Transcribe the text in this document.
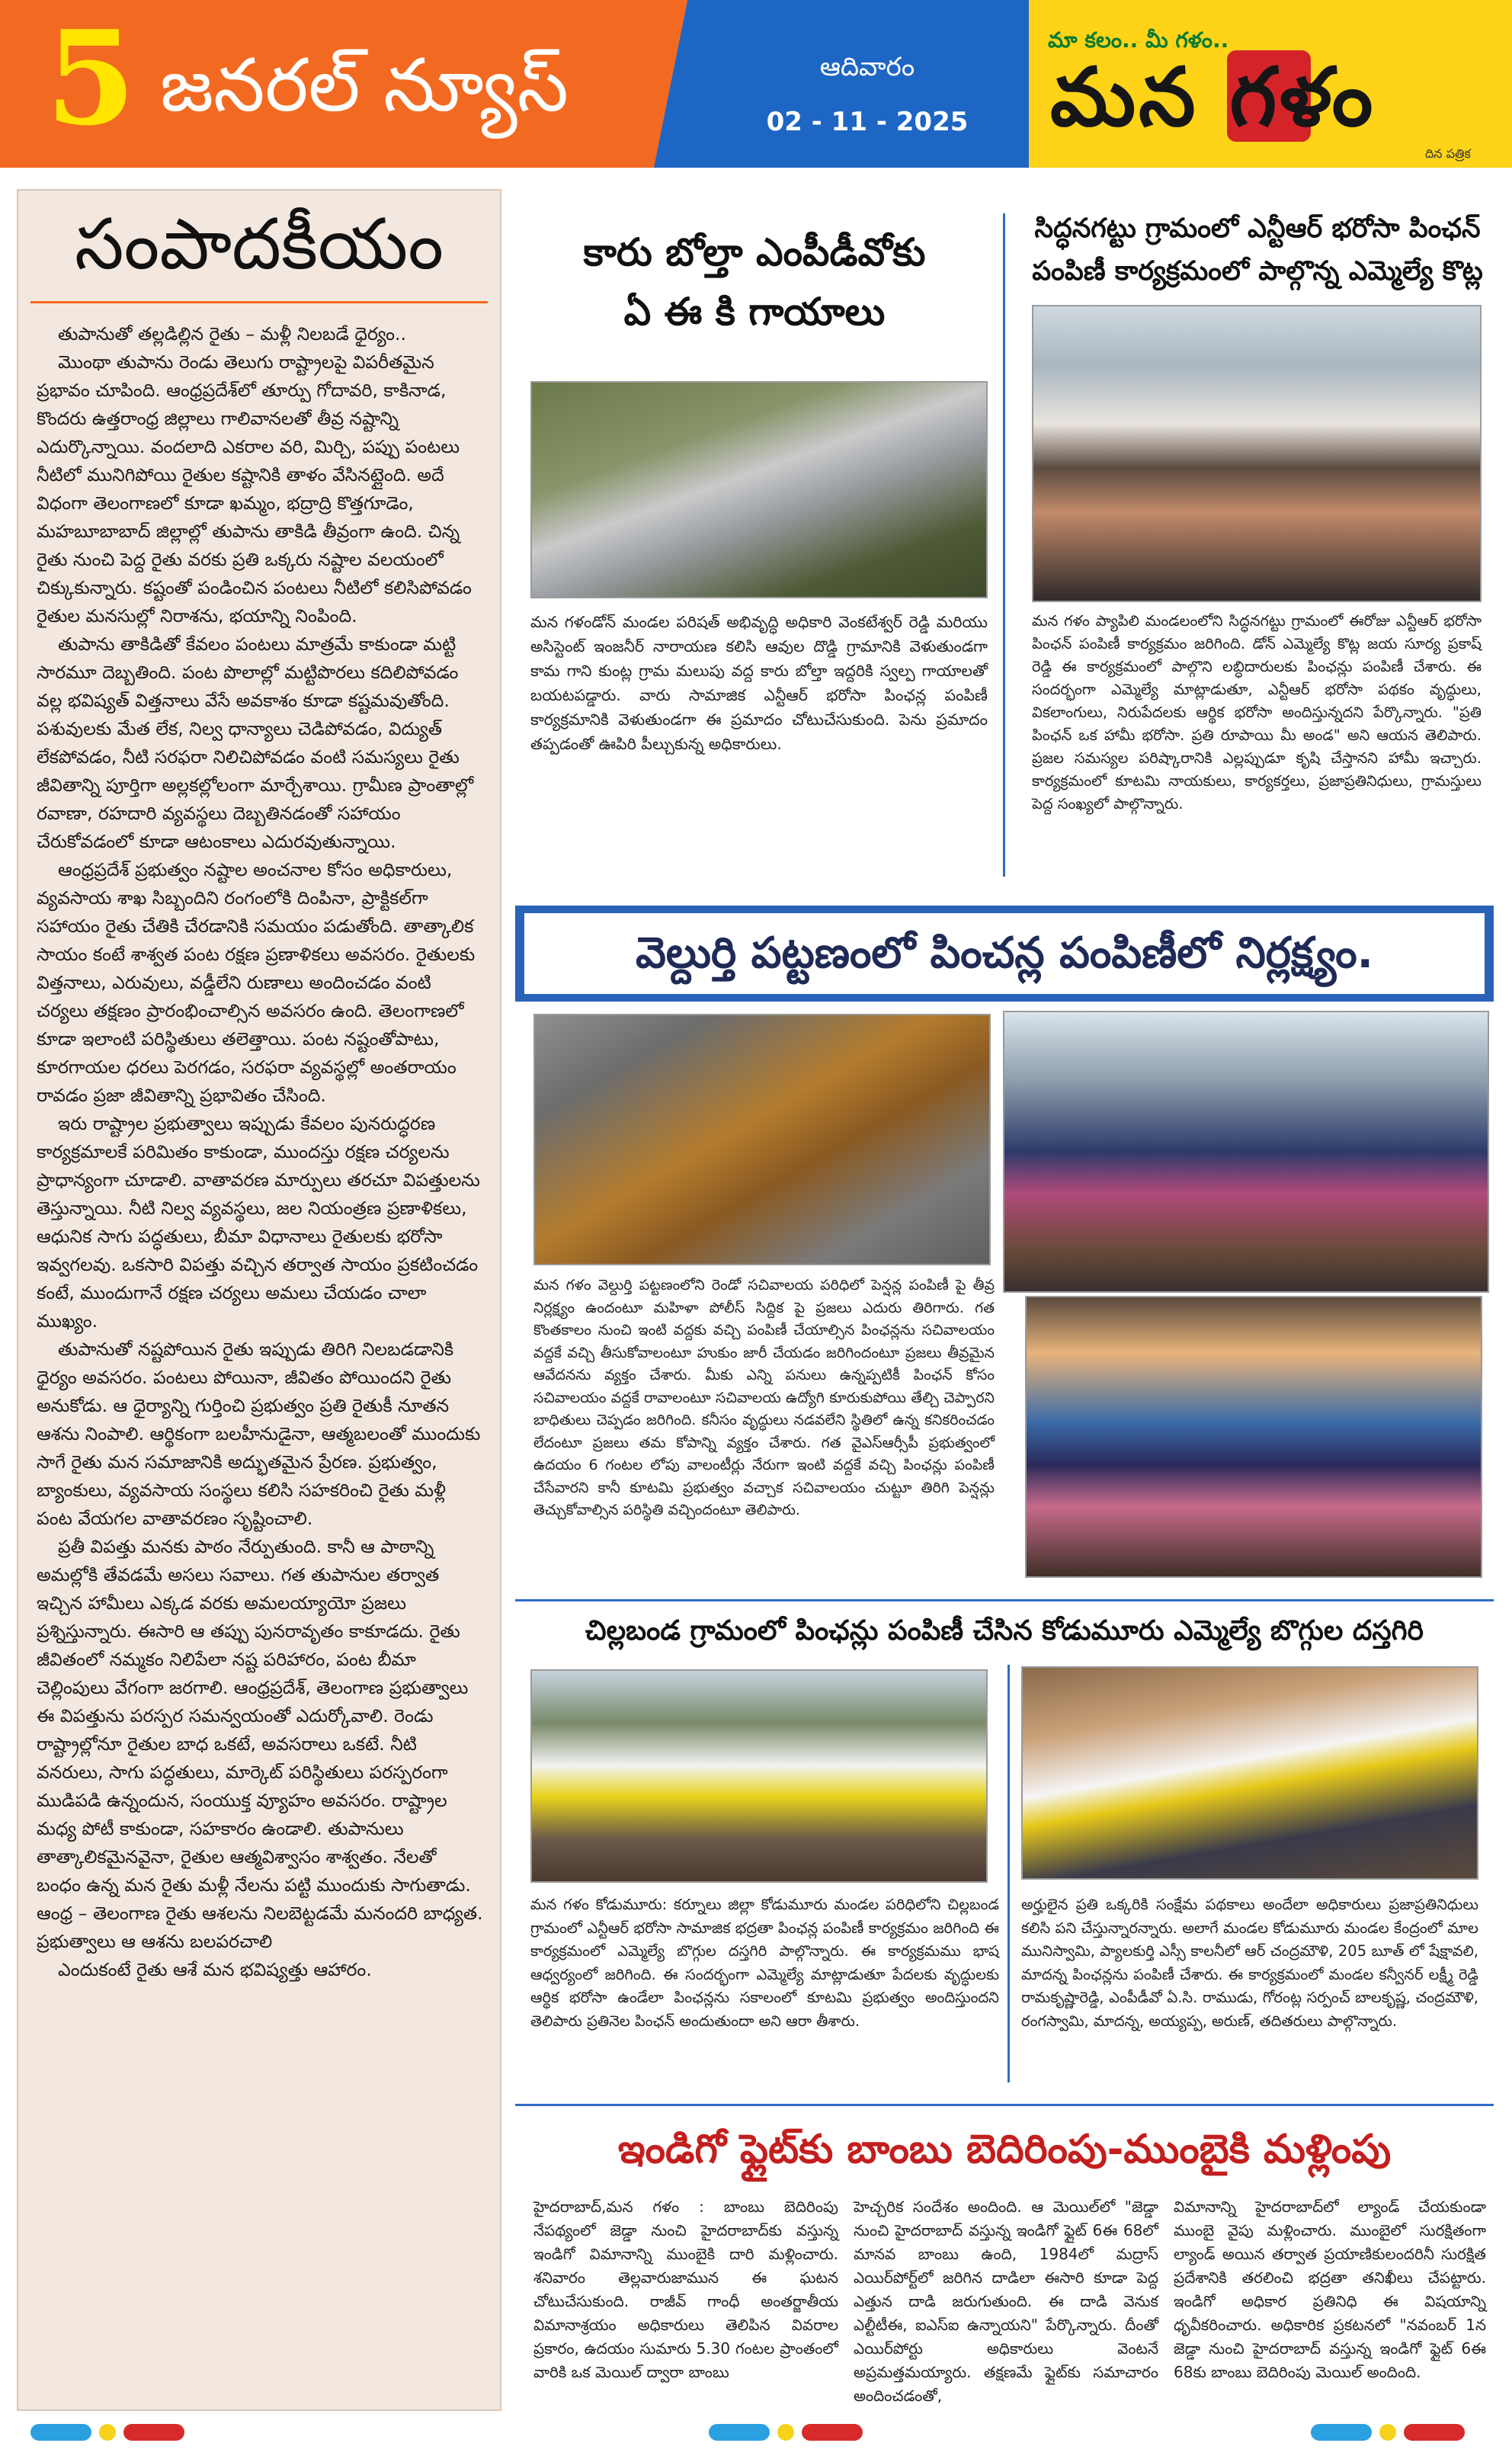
5 జనరల్ న్యూస్	ఆదివారం
02 - 11 - 2025
మా కలం.. మీ గళం..
మన గళం
దిన పత్రిక
సంపాదకీయం

తుపానుతో తల్లడిల్లిన రైతు – మళ్లీ నిలబడే ధైర్యం..

మొంథా తుపాను రెండు తెలుగు రాష్ట్రాలపై విపరీతమైన ప్రభావం చూపింది. ఆంధ్రప్రదేశ్‌లో తూర్పు గోదావరి, కాకినాడ, కొందరు ఉత్తరాంధ్ర జిల్లాలు గాలివానలతో తీవ్ర నష్టాన్ని ఎదుర్కొన్నాయి. వందలాది ఎకరాల వరి, మిర్చి, పప్పు పంటలు నీటిలో మునిగిపోయి రైతుల కష్టానికి తాళం వేసినట్లైంది. అదే విధంగా తెలంగాణలో కూడా ఖమ్మం, భద్రాద్రి కొత్తగూడెం, మహబూబాబాద్ జిల్లాల్లో తుపాను తాకిడి తీవ్రంగా ఉంది. చిన్న రైతు నుంచి పెద్ద రైతు వరకు ప్రతి ఒక్కరు నష్టాల వలయంలో చిక్కుకున్నారు. కష్టంతో పండించిన పంటలు నీటిలో కలిసిపోవడం రైతుల మనసుల్లో నిరాశను, భయాన్ని నింపింది.

తుపాను తాకిడితో కేవలం పంటలు మాత్రమే కాకుండా మట్టి సారమూ దెబ్బతింది. పంట పొలాల్లో మట్టిపొరలు కదిలిపోవడం వల్ల భవిష్యత్ విత్తనాలు వేసే అవకాశం కూడా కష్టమవుతోంది. పశువులకు మేత లేక, నిల్వ ధాన్యాలు చెడిపోవడం, విద్యుత్ లేకపోవడం, నీటి సరఫరా నిలిచిపోవడం వంటి సమస్యలు రైతు జీవితాన్ని పూర్తిగా అల్లకల్లోలంగా మార్చేశాయి. గ్రామీణ ప్రాంతాల్లో రవాణా, రహదారి వ్యవస్థలు దెబ్బతినడంతో సహాయం చేరుకోవడంలో కూడా ఆటంకాలు ఎదురవుతున్నాయి.

ఆంధ్రప్రదేశ్ ప్రభుత్వం నష్టాల అంచనాల కోసం అధికారులు, వ్యవసాయ శాఖ సిబ్బందిని రంగంలోకి దింపినా, ప్రాక్టికల్‌గా సహాయం రైతు చేతికి చేరడానికి సమయం పడుతోంది. తాత్కాలిక సాయం కంటే శాశ్వత పంట రక్షణ ప్రణాళికలు అవసరం. రైతులకు విత్తనాలు, ఎరువులు, వడ్డీలేని రుణాలు అందించడం వంటి చర్యలు తక్షణం ప్రారంభించాల్సిన అవసరం ఉంది. తెలంగాణలో కూడా ఇలాంటి పరిస్థితులు తలెత్తాయి. పంట నష్టంతోపాటు, కూరగాయల ధరలు పెరగడం, సరఫరా వ్యవస్థల్లో అంతరాయం రావడం ప్రజా జీవితాన్ని ప్రభావితం చేసింది.

ఇరు రాష్ట్రాల ప్రభుత్వాలు ఇప్పుడు కేవలం పునరుద్ధరణ కార్యక్రమాలకే పరిమితం కాకుండా, ముందస్తు రక్షణ చర్యలను ప్రాధాన్యంగా చూడాలి. వాతావరణ మార్పులు తరచూ విపత్తులను తెస్తున్నాయి. నీటి నిల్వ వ్యవస్థలు, జల నియంత్రణ ప్రణాళికలు, ఆధునిక సాగు పద్ధతులు, బీమా విధానాలు రైతులకు భరోసా ఇవ్వగలవు. ఒకసారి విపత్తు వచ్చిన తర్వాత సాయం ప్రకటించడం కంటే, ముందుగానే రక్షణ చర్యలు అమలు చేయడం చాలా ముఖ్యం.

తుపానుతో నష్టపోయిన రైతు ఇప్పుడు తిరిగి నిలబడడానికి ధైర్యం అవసరం. పంటలు పోయినా, జీవితం పోయిందని రైతు అనుకోడు. ఆ ధైర్యాన్ని గుర్తించి ప్రభుత్వం ప్రతి రైతుకీ నూతన ఆశను నింపాలి. ఆర్థికంగా బలహీనుడైనా, ఆత్మబలంతో ముందుకు సాగే రైతు మన సమాజానికి అద్భుతమైన ప్రేరణ. ప్రభుత్వం, బ్యాంకులు, వ్యవసాయ సంస్థలు కలిసి సహకరించి రైతు మళ్లీ పంట వేయగల వాతావరణం సృష్టించాలి.

ప్రతీ విపత్తు మనకు పాఠం నేర్పుతుంది. కానీ ఆ పాఠాన్ని అమల్లోకి తేవడమే అసలు సవాలు. గత తుపానుల తర్వాత ఇచ్చిన హామీలు ఎక్కడ వరకు అమలయ్యాయో ప్రజలు ప్రశ్నిస్తున్నారు. ఈసారి ఆ తప్పు పునరావృతం కాకూడదు. రైతు జీవితంలో నమ్మకం నిలిపేలా నష్ట పరిహారం, పంట బీమా చెల్లింపులు వేగంగా జరగాలి. ఆంధ్రప్రదేశ్, తెలంగాణ ప్రభుత్వాలు ఈ విపత్తును పరస్పర సమన్వయంతో ఎదుర్కోవాలి. రెండు రాష్ట్రాల్లోనూ రైతుల బాధ ఒకటే, అవసరాలు ఒకటే. నీటి వనరులు, సాగు పద్ధతులు, మార్కెట్ పరిస్థితులు పరస్పరంగా ముడిపడి ఉన్నందున, సంయుక్త వ్యూహం అవసరం. రాష్ట్రాల మధ్య పోటీ కాకుండా, సహకారం ఉండాలి. తుపానులు తాత్కాలికమైనవైనా, రైతుల ఆత్మవిశ్వాసం శాశ్వతం. నేలతో బంధం ఉన్న మన రైతు మళ్లీ నేలను పట్టి ముందుకు సాగుతాడు. ఆంధ్ర – తెలంగాణ రైతు ఆశలను నిలబెట్టడమే మనందరి బాధ్యత. ప్రభుత్వాలు ఆ ఆశను బలపరచాలి

ఎందుకంటే రైతు ఆశే మన భవిష్యత్తు ఆహారం.

కారు బోల్తా ఎంపీడీవోకు
ఏ ఈ కి గాయాలు
మన గళండోన్ మండల పరిషత్ అభివృద్ధి అధికారి వెంకటేశ్వర్ రెడ్డి మరియు అసిస్టెంట్ ఇంజనీర్ నారాయణ కలిసి ఆవుల దొడ్డి గ్రామానికి వెళుతుండగా కామ గాని కుంట్ల గ్రామ మలుపు వద్ద కారు బోల్తా ఇద్దరికి స్వల్ప గాయాలతో బయటపడ్డారు. వారు సామాజిక ఎన్టీఆర్ భరోసా పింఛన్ల పంపిణీ కార్యక్రమానికి వెళుతుండగా ఈ ప్రమాదం చోటుచేసుకుంది. పెను ప్రమాదం తప్పడంతో ఊపిరి పీల్చుకున్న అధికారులు.
సిద్ధనగట్టు గ్రామంలో ఎన్టీఆర్ భరోసా పింఛన్
పంపిణీ కార్యక్రమంలో పాల్గొన్న ఎమ్మెల్యే కొట్ల
మన గళం ప్యాపిలి మండలంలోని సిద్ధనగట్టు గ్రామంలో ఈరోజు ఎన్టీఆర్ భరోసా పింఛన్ పంపిణీ కార్యక్రమం జరిగింది. డోన్ ఎమ్మెల్యే కొట్ల జయ సూర్య ప్రకాష్ రెడ్డి ఈ కార్యక్రమంలో పాల్గొని లబ్ధిదారులకు పింఛన్లు పంపిణీ చేశారు. ఈ సందర్భంగా ఎమ్మెల్యే మాట్లాడుతూ, ఎన్టీఆర్ భరోసా పథకం వృద్ధులు, వికలాంగులు, నిరుపేదలకు ఆర్థిక భరోసా అందిస్తున్నదని పేర్కొన్నారు. "ప్రతి పింఛన్ ఒక హామీ భరోసా. ప్రతి రూపాయి మీ అండ" అని ఆయన తెలిపారు. ప్రజల సమస్యల పరిష్కారానికి ఎల్లప్పుడూ కృషి చేస్తానని హామీ ఇచ్చారు. కార్యక్రమంలో కూటమి నాయకులు, కార్యకర్తలు, ప్రజాప్రతినిధులు, గ్రామస్తులు పెద్ద సంఖ్యలో పాల్గొన్నారు.
వెల్దుర్తి పట్టణంలో పించన్ల పంపిణీలో నిర్లక్ష్యం.
మన గళం వెల్దుర్తి పట్టణంలోని రెండో సచివాలయ పరిధిలో పెన్షన్ల పంపిణీ పై తీవ్ర నిర్లక్ష్యం ఉందంటూ మహిళా పోలీస్ సిద్దిక పై ప్రజలు ఎదురు తిరిగారు. గత కొంతకాలం నుంచి ఇంటి వద్దకు వచ్చి పంపిణీ చేయాల్సిన పింఛన్లను సచివాలయం వద్దకే వచ్చి తీసుకోవాలంటూ హుకుం జారీ చేయడం జరిగిందంటూ ప్రజలు తీవ్రమైన ఆవేదనను వ్యక్తం చేశారు. మీకు ఎన్ని పనులు ఉన్నప్పటికీ పింఛన్ కోసం సచివాలయం వద్దకే రావాలంటూ సచివాలయ ఉద్యోగి కూరుకుపోయి తేల్చి చెప్పారని బాధితులు చెప్పడం జరిగింది. కనీసం వృద్ధులు నడవలేని స్థితిలో ఉన్న కనికరించడం లేదంటూ ప్రజలు తమ కోపాన్ని వ్యక్తం చేశారు. గత వైఎస్ఆర్సీపీ ప్రభుత్వంలో ఉదయం 6 గంటల లోపు వాలంటీర్లు నేరుగా ఇంటి వద్దకే వచ్చి పింఛన్లు పంపిణీ చేసేవారని కానీ కూటమి ప్రభుత్వం వచ్చాక సచివాలయం చుట్టూ తిరిగి పెన్షన్లు తెచ్చుకోవాల్సిన పరిస్థితి వచ్చిందంటూ తెలిపారు.
చిల్లబండ గ్రామంలో పింఛన్లు పంపిణీ చేసిన కోడుమూరు ఎమ్మెల్యే బొగ్గుల దస్తగిరి
మన గళం కోడుమూరు: కర్నూలు జిల్లా కోడుమూరు మండల పరిధిలోని చిల్లబండ గ్రామంలో ఎన్టీఆర్ భరోసా సామాజిక భద్రతా పింఛన్ల పంపిణీ కార్యక్రమం జరిగింది ఈ కార్యక్రమంలో ఎమ్మెల్యే బొగ్గుల దస్తగిరి పాల్గొన్నారు. ఈ కార్యక్రమము భాష ఆధ్వర్యంలో జరిగింది. ఈ సందర్భంగా ఎమ్మెల్యే మాట్లాడుతూ పేదలకు వృద్ధులకు ఆర్థిక భరోసా ఉండేలా పింఛన్లను సకాలంలో కూటమి ప్రభుత్వం అందిస్తుందని తెలిపారు ప్రతినెల పింఛన్ అందుతుందా అని ఆరా తీశారు.
అర్హులైన ప్రతి ఒక్కరికి సంక్షేమ పథకాలు అందేలా అధికారులు ప్రజాప్రతినిధులు కలిసి పని చేస్తున్నారన్నారు. అలాగే మండల కోడుమూరు మండల కేంద్రంలో మాల మునిస్వామి, ప్యాలకుర్తి ఎస్సీ కాలనీలో ఆర్ చంద్రమౌళి, 205 బూత్ లో షేక్షావలి, మాదన్న పింఛన్లను పంపిణీ చేశారు. ఈ కార్యక్రమంలో మండల కన్వీనర్ లక్ష్మీ రెడ్డి రామకృష్ణారెడ్డి, ఎంపీడీవో ఏ.సి. రాముడు, గోరంట్ల సర్పంచ్ బాలకృష్ణ, చంద్రమౌళి, రంగస్వామి, మాదన్న, అయ్యప్ప, అరుణ్, తదితరులు పాల్గొన్నారు.
ఇండిగో ఫ్లైట్‌కు బాంబు బెదిరింపు-ముంబైకి మళ్లింపు
హైదరాబాద్,మన గళం : బాంబు బెదిరింపు నేపథ్యంలో జెడ్డా నుంచి హైదరాబాద్‌కు వస్తున్న ఇండిగో విమానాన్ని ముంబైకి దారి మళ్లించారు. శనివారం తెల్లవారుజామున ఈ ఘటన చోటుచేసుకుంది. రాజీవ్ గాంధీ అంతర్జాతీయ విమానాశ్రయం అధికారులు తెలిపిన వివరాల ప్రకారం, ఉదయం సుమారు 5.30 గంటల ప్రాంతంలో వారికి ఒక మెయిల్ ద్వారా బాంబు
హెచ్చరిక సందేశం అందింది. ఆ మెయిల్‌లో "జెడ్డా నుంచి హైదరాబాద్ వస్తున్న ఇండిగో ఫ్లైట్ 6ఈ 68లో మానవ బాంబు ఉంది, 1984లో మద్రాస్ ఎయిర్‌పోర్ట్‌లో జరిగిన దాడిలా ఈసారి కూడా పెద్ద ఎత్తున దాడి జరుగుతుంది. ఈ దాడి వెనుక ఎల్టీటీఈ, ఐఎస్ఐ ఉన్నాయని" పేర్కొన్నారు. దీంతో ఎయిర్‌పోర్టు అధికారులు వెంటనే అప్రమత్తమయ్యారు. తక్షణమే ఫ్లైట్‌కు సమాచారం అందించడంతో,
విమానాన్ని హైదరాబాద్‌లో ల్యాండ్ చేయకుండా ముంబై వైపు మళ్లించారు. ముంబైలో సురక్షితంగా ల్యాండ్ అయిన తర్వాత ప్రయాణికులందరినీ సురక్షిత ప్రదేశానికి తరలించి భద్రతా తనిఖీలు చేపట్టారు. ఇండిగో అధికార ప్రతినిధి ఈ విషయాన్ని ధృవీకరించారు. అధికారిక ప్రకటనలో "నవంబర్ 1న జెడ్డా నుంచి హైదరాబాద్ వస్తున్న ఇండిగో ఫ్లైట్ 6ఈ 68కు బాంబు బెదిరింపు మెయిల్ అందింది.
